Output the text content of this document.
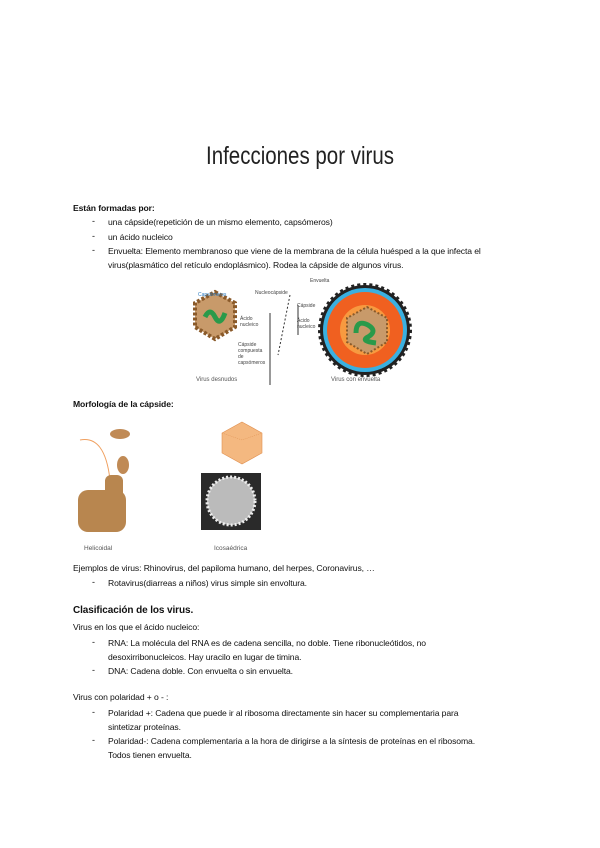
Infecciones por virus
Están formadas por:
- una cápside(repetición de un mismo elemento, capsómeros)
- un ácido nucleico
- Envuelta: Elemento membranoso que viene de la membrana de la célula huésped a la que infecta el
virus(plasmático del retículo endoplásmico). Rodea la cápside de algunos virus.
Capsómeros
Ácido nucleico
Cápside compuesta de capsómeros
Nucleocápside
Cápside
Ácido nucleico
Envuelta
Virus desnudos	Virus con envuelta
Morfología de la cápside:
Helicoidal	Icosaédrica
Ejemplos de virus: Rhinovirus, del papiloma humano, del herpes, Coronavirus, …
- Rotavirus(diarreas a niños) virus simple sin envoltura.
Clasificación de los virus.
Virus en los que el ácido nucleico:
- RNA: La molécula del RNA es de cadena sencilla, no doble. Tiene ribonucleótidos, no
desoxirribonucleicos. Hay uracilo en lugar de timina.
- DNA: Cadena doble. Con envuelta o sin envuelta.
Virus con polaridad + o - :
- Polaridad +: Cadena que puede ir al ribosoma directamente sin hacer su complementaria para
sintetizar proteínas.
- Polaridad-: Cadena complementaria a la hora de dirigirse a la síntesis de proteínas en el ribosoma.
Todos tienen envuelta.
